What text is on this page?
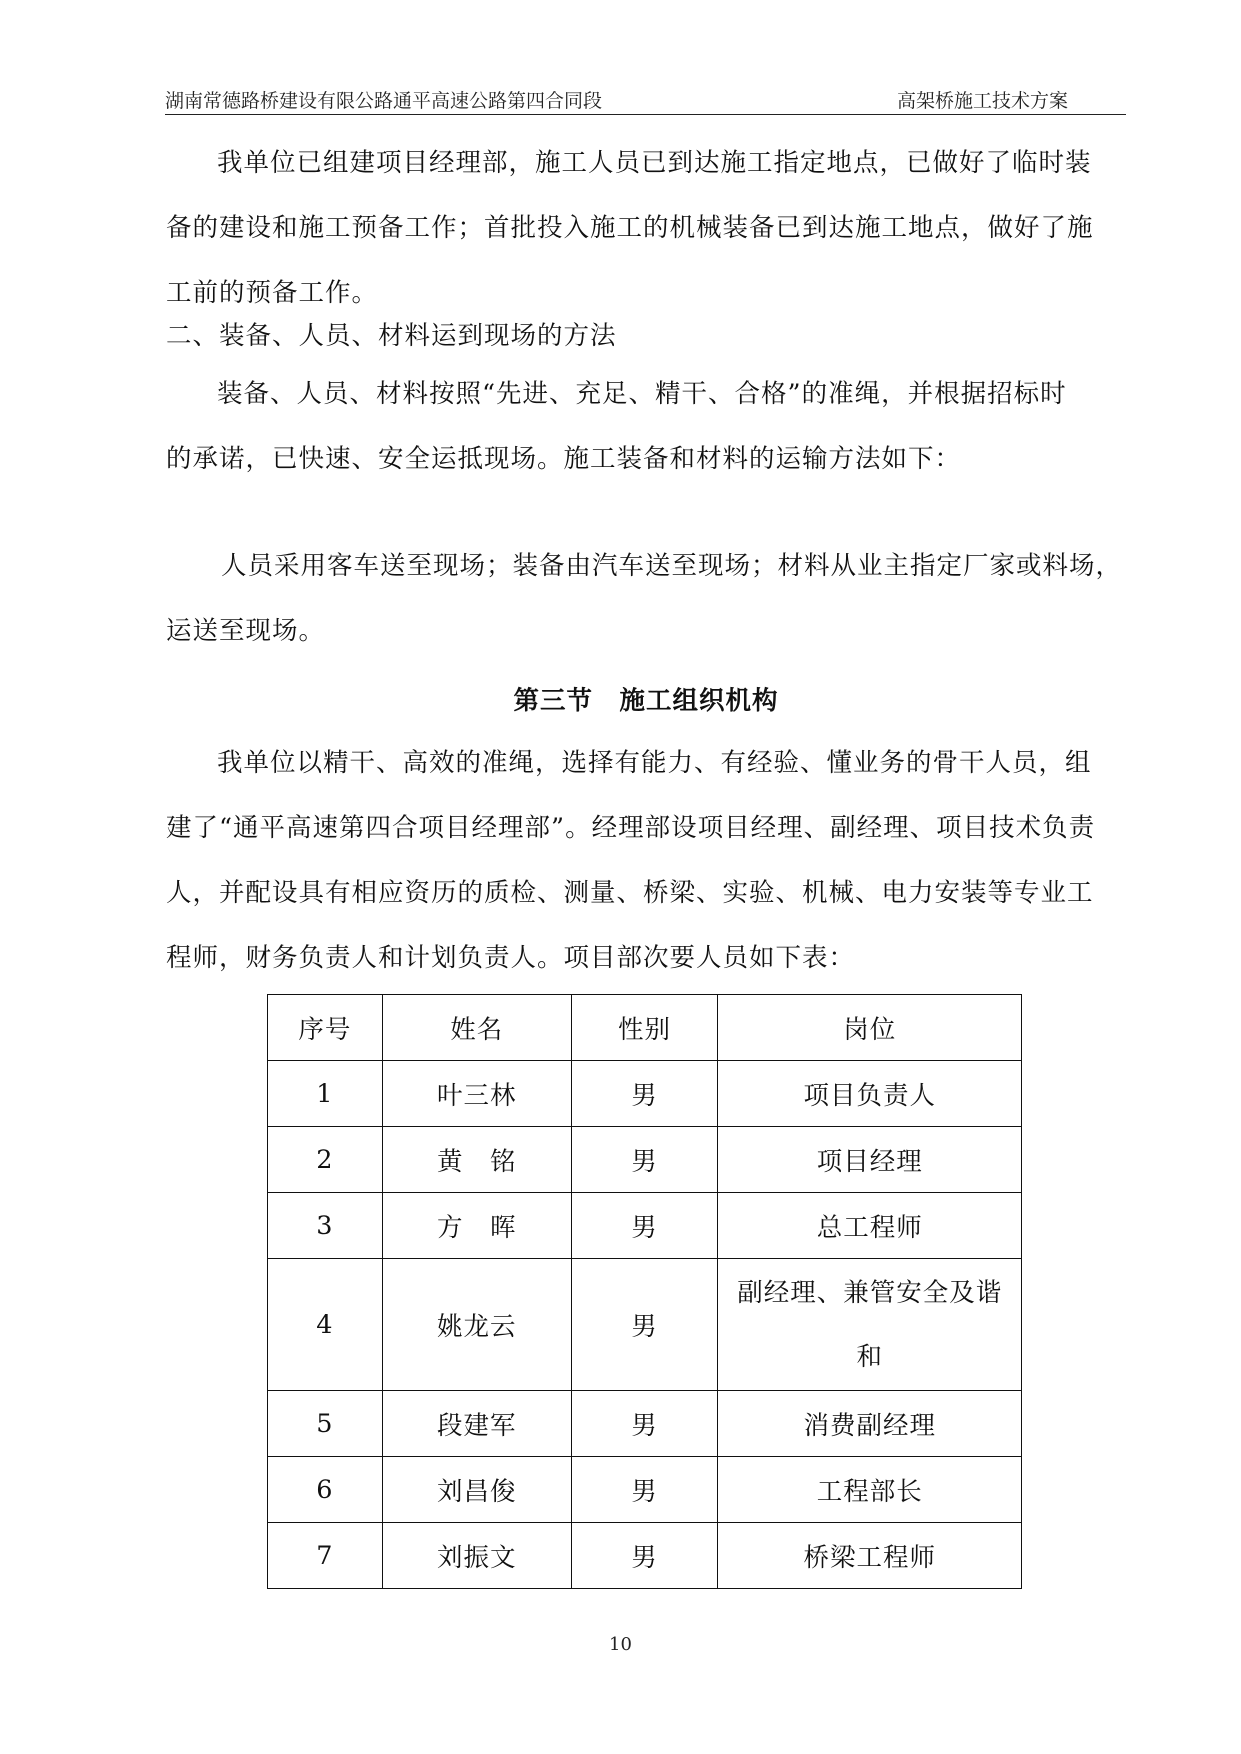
湖南常德路桥建设有限公路通平高速公路第四合同段	高架桥施工技术方案
我单位已组建项目经理部，施工人员已到达施工指定地点，已做好了临时装
备的建设和施工预备工作；首批投入施工的机械装备已到达施工地点，做好了施
工前的预备工作。
二、装备、人员、材料运到现场的方法
装备、人员、材料按照“先进、充足、精干、合格”的准绳，并根据招标时
的承诺，已快速、安全运抵现场。施工装备和材料的运输方法如下：
人员采用客车送至现场；装备由汽车送至现场；材料从业主指定厂家或料场，
运送至现场。
第三节　施工组织机构
我单位以精干、高效的准绳，选择有能力、有经验、懂业务的骨干人员，组
建了“通平高速第四合项目经理部”。经理部设项目经理、副经理、项目技术负责
人，并配设具有相应资历的质检、测量、桥梁、实验、机械、电力安装等专业工
程师，财务负责人和计划负责人。项目部次要人员如下表：
序号	姓名	性别	岗位
1	叶三林	男	项目负责人
2	黄　铭	男	项目经理
3	方　晖	男	总工程师
4	姚龙云	男	副经理、兼管安全及谐
和
5	段建军	男	消费副经理
6	刘昌俊	男	工程部长
7	刘振文	男	桥梁工程师
10
